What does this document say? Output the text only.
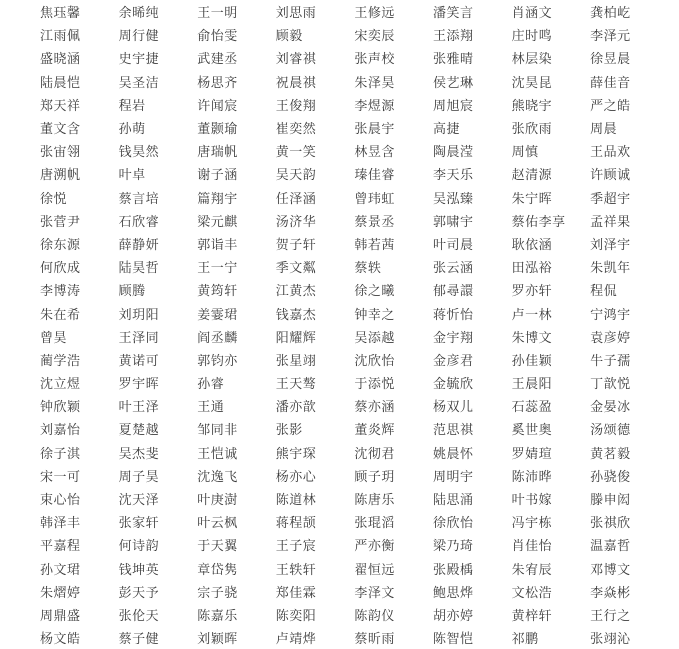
焦珏馨	余晞纯	王一明	刘思雨	王修远	潘笑言	肖涵文	龚柏屹
江雨佩	周行健	俞怡雯	顾毅	宋奕辰	王添翔	庄时鸣	李泽元
盛晓涵	史宇捷	武建丞	刘睿祺	张声校	张雅晴	林层染	徐昱晨
陆晨恺	吴圣洁	杨思齐	祝晨祺	朱泽昊	侯艺琳	沈昊昆	薛佳音
郑天祥	程岩	许闻宸	王俊翔	李煜源	周旭宸	熊晓宇	严之皓
董文含	孙萌	董颢瑜	崔奕然	张晨宇	高捷	张欣雨	周晨
张宙翎	钱昊然	唐瑞帆	黄一笑	林昱含	陶晨滢	周慎	王品欢
唐溯帆	叶卓	谢子涵	吴天韵	瑧佳睿	李天乐	赵清源	许顾诚
徐悦	蔡言培	篇翔宇	任泽涵	曾玮虹	吴泓臻	朱宁晖	季超宇
张菅尹	石欣睿	梁元麒	汤济华	蔡景丞	郭啸宇	蔡佑李享	孟祥果
徐东源	薛静妍	郭诣丰	贺子轩	韩若茜	叶司晨	耿依涵	刘泽宇
何欣成	陆昊哲	王一宁	季文粼	蔡轶	张云涵	田泓裕	朱凯年
李博涛	顾腾	黄筠轩	江黄杰	徐之曦	郁尋譞	罗亦轩	程侃
朱在希	刘玥阳	姜霎珺	钱嘉杰	钟幸之	蒋忻怡	卢一林	宁鸿宇
曾昊	王泽同	阎丞麟	阳耀辉	吴添越	金宇翔	朱博文	袁彦婷
蔺学浩	黄诺可	郭钧亦	张星翊	沈欣怡	金彦君	孙佳颖	牛子孺
沈立煜	罗宇晖	孙睿	王天骜	于添悦	金毓欣	王晨阳	丁歆悦
钟欣颖	叶王泽	王通	潘亦歆	蔡亦涵	杨双儿	石蕊盈	金晏冰
刘嘉怡	夏楚越	邹同非	张影	董炎辉	范思祺	奚世奥	汤颂德
徐子淇	吴杰斐	王恺诚	熊宇琛	沈彻君	姚晨怀	罗婧瑄	黄茗毅
宋一可	周子昊	沈逸飞	杨亦心	顾子玥	周明宇	陈沛晔	孙骁俊
束心怡	沈天泽	叶庚澍	陈道林	陈唐乐	陆思涌	叶书嫁	滕申闳
韩泽丰	张家轩	叶云枫	蒋程颉	张琨滔	徐欣怡	冯宇栋	张祺欣
平嘉程	何诗韵	于天翼	王子宸	严亦衡	梁乃琦	肖佳怡	温嘉哲
孙文珺	钱坤英	章岱隽	王轶轩	翟恒远	张殿楀	朱宥辰	邓博文
朱熠婷	彭天予	宗子骁	郑佳霖	李泽文	鲍思烨	文松浩	李焱彬
周鼎盛	张伦天	陈嘉乐	陈奕阳	陈韵仪	胡亦婷	黄梓轩	王行之
杨文皓	蔡子健	刘颖晖	卢靖烨	蔡昕雨	陈智恺	祁鹏	张翊沁
